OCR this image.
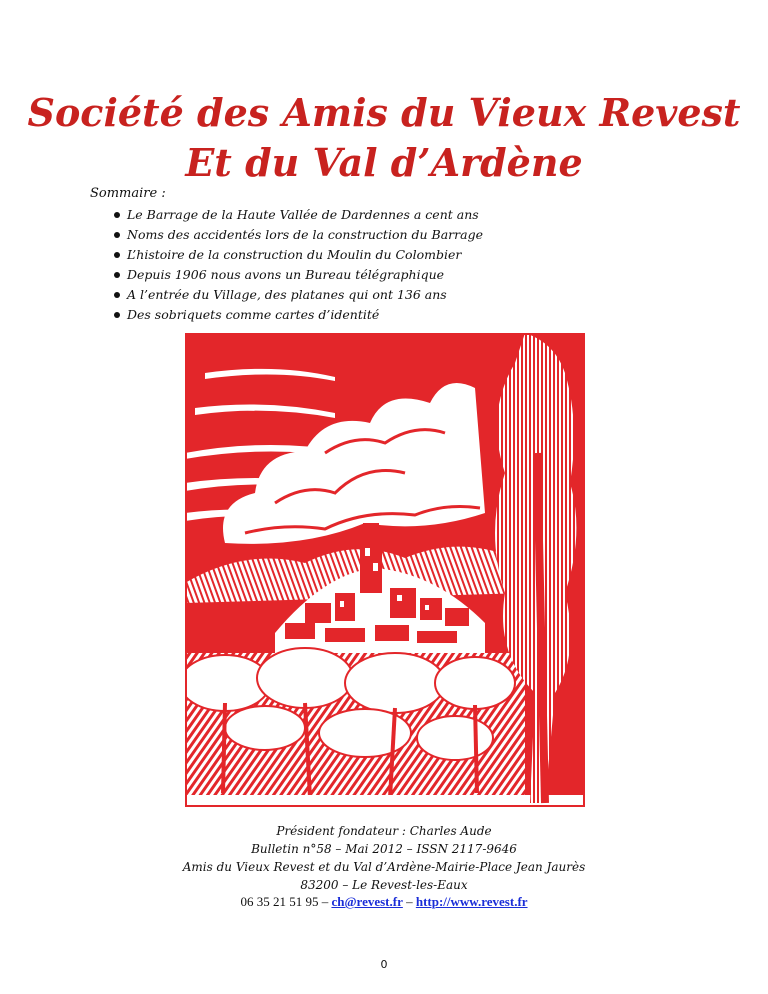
Société des Amis du Vieux Revest
Et du Val d’Ardène
Sommaire :
Le Barrage de la Haute Vallée de Dardennes a cent ans
Noms des accidentés lors de la construction du Barrage
L’histoire de la construction du Moulin du Colombier
Depuis 1906 nous avons un Bureau télégraphique
A l’entrée du Village, des platanes qui ont 136 ans
Des sobriquets comme cartes d’identité
Président fondateur : Charles Aude
Bulletin n°58 – Mai 2012 – ISSN 2117-9646
Amis du Vieux Revest et du Val d’Ardène-Mairie-Place Jean Jaurès
83200 – Le Revest-les-Eaux
06 35 21 51 95 – ch@revest.fr – http://www.revest.fr
0
